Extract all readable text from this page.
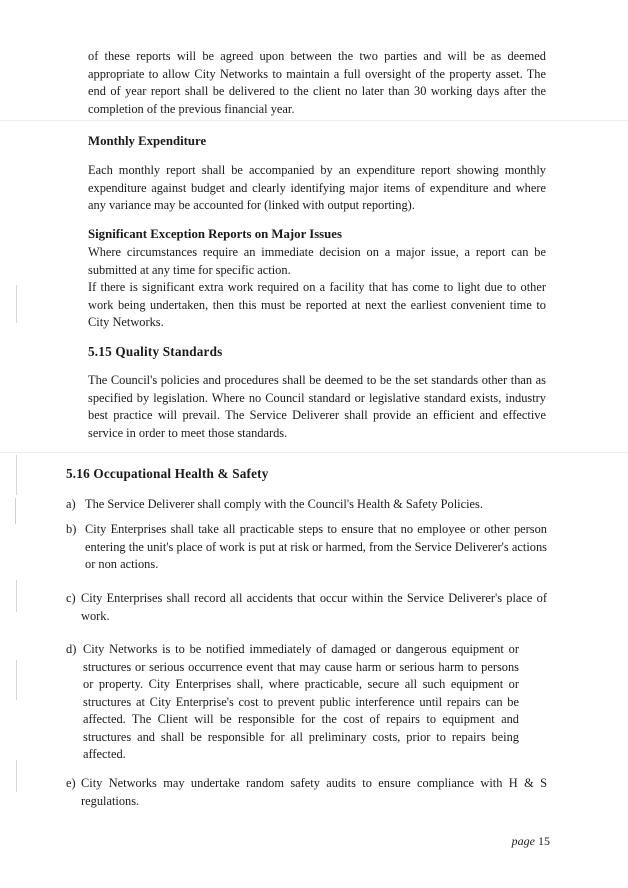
of these reports will be agreed upon between the two parties and will be as deemed appropriate to allow City Networks to maintain a full oversight of the property asset. The end of year report shall be delivered to the client no later than 30 working days after the completion of the previous financial year.

Monthly Expenditure

Each monthly report shall be accompanied by an expenditure report showing monthly expenditure against budget and clearly identifying major items of expenditure and where any variance may be accounted for (linked with output reporting).

Significant Exception Reports on Major Issues

Where circumstances require an immediate decision on a major issue, a report can be submitted at any time for specific action.

If there is significant extra work required on a facility that has come to light due to other work being undertaken, then this must be reported at next the earliest convenient time to City Networks.

5.15 Quality Standards

The Council's policies and procedures shall be deemed to be the set standards other than as specified by legislation. Where no Council standard or legislative standard exists, industry best practice will prevail. The Service Deliverer shall provide an efficient and effective service in order to meet those standards.

5.16 Occupational Health & Safety

a) The Service Deliverer shall comply with the Council's Health & Safety Policies.

b) City Enterprises shall take all practicable steps to ensure that no employee or other person entering the unit's place of work is put at risk or harmed, from the Service Deliverer's actions or non actions.

c) City Enterprises shall record all accidents that occur within the Service Deliverer's place of work.

d) City Networks is to be notified immediately of damaged or dangerous equipment or structures or serious occurrence event that may cause harm or serious harm to persons or property. City Enterprises shall, where practicable, secure all such equipment or structures at City Enterprise's cost to prevent public interference until repairs can be affected. The Client will be responsible for the cost of repairs to equipment and structures and shall be responsible for all preliminary costs, prior to repairs being affected.

e) City Networks may undertake random safety audits to ensure compliance with H & S regulations.

page 15
